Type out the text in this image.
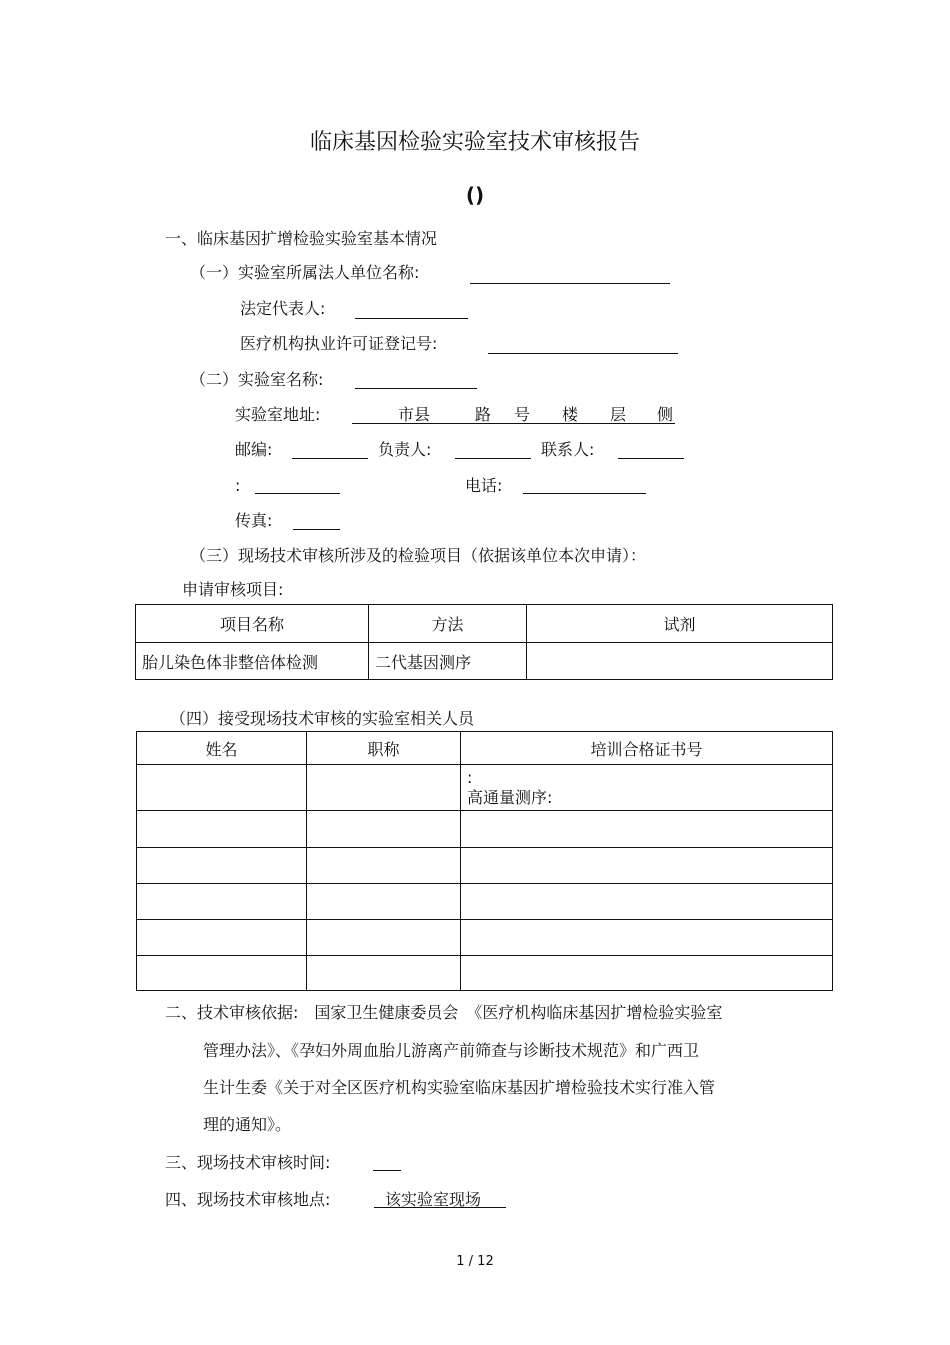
临床基因检验实验室技术审核报告
()
一、临床基因扩增检验实验室基本情况
（一）实验室所属法人单位名称:
法定代表人:
医疗机构执业许可证登记号:
（二）实验室名称:
实验室地址:	市县	路 号 楼 层 侧
邮编:	负责人:	联系人:
:	电话:
传真:
（三）现场技术审核所涉及的检验项目（依据该单位本次申请）：
申请审核项目:
项目名称	方法	试剂
胎儿染色体非整倍体检测	二代基因测序	
（四）接受现场技术审核的实验室相关人员
姓名	职称	培训合格证书号

		:
高通量测序:

二、技术审核依据:　国家卫生健康委员会　《医疗机构临床基因扩增检验实验室
管理办法》、《孕妇外周血胎儿游离产前筛查与诊断技术规范》和广西卫
生计生委《关于对全区医疗机构实验室临床基因扩增检验技术实行准入管
理的通知》。
三、现场技术审核时间:
四、现场技术审核地点:	该实验室现场
1 / 12
